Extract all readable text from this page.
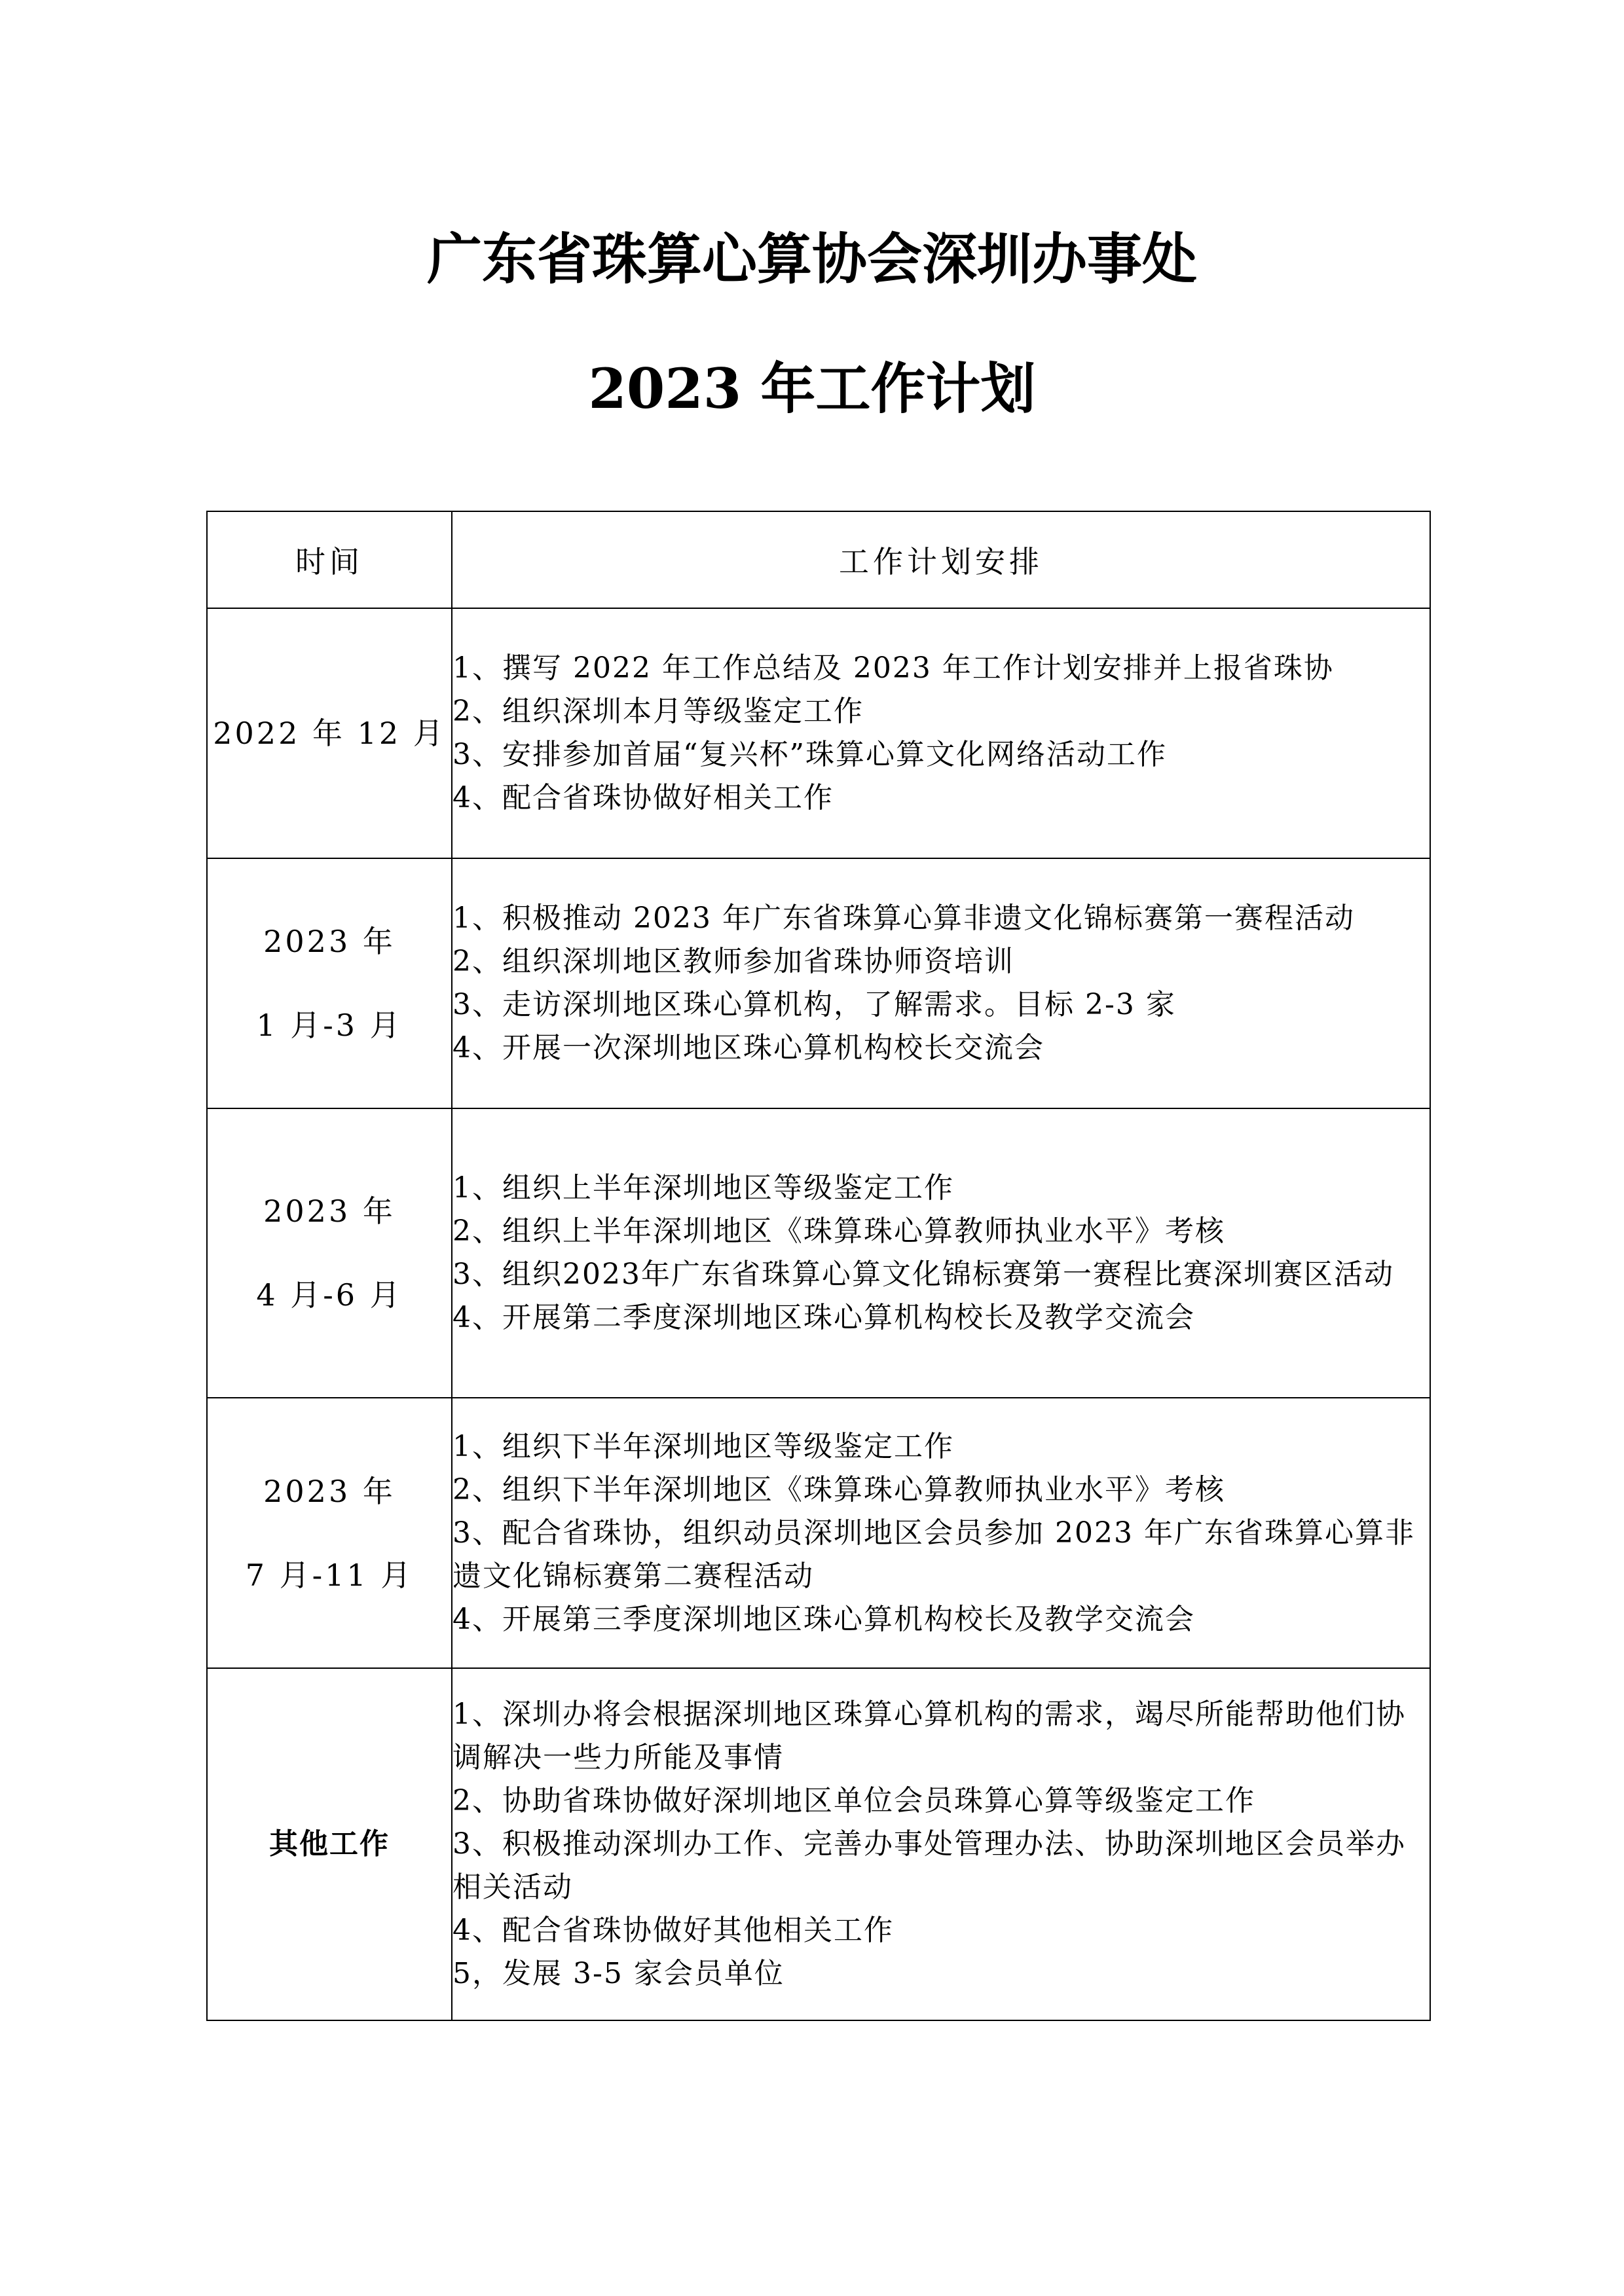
广东省珠算心算协会深圳办事处
2023 年工作计划
时间	工作计划安排

2022 年 12 月	1、撰写 2022 年工作总结及 2023 年工作计划安排并上报省珠协
2、组织深圳本月等级鉴定工作
3、安排参加首届“复兴杯”珠算心算文化网络活动工作
4、配合省珠协做好相关工作

2023 年
1 月-3 月	1、积极推动 2023 年广东省珠算心算非遗文化锦标赛第一赛程活动
2、组织深圳地区教师参加省珠协师资培训
3、走访深圳地区珠心算机构，了解需求。目标 2-3 家
4、开展一次深圳地区珠心算机构校长交流会

2023 年
4 月-6 月	1、组织上半年深圳地区等级鉴定工作
2、组织上半年深圳地区《珠算珠心算教师执业水平》考核
3、组织2023年广东省珠算心算文化锦标赛第一赛程比赛深圳赛区活动
4、开展第二季度深圳地区珠心算机构校长及教学交流会

2023 年
7 月-11 月	1、组织下半年深圳地区等级鉴定工作
2、组织下半年深圳地区《珠算珠心算教师执业水平》考核
3、配合省珠协，组织动员深圳地区会员参加 2023 年广东省珠算心算非遗文化锦标赛第二赛程活动
4、开展第三季度深圳地区珠心算机构校长及教学交流会

其他工作	1、深圳办将会根据深圳地区珠算心算机构的需求，竭尽所能帮助他们协调解决一些力所能及事情
2、协助省珠协做好深圳地区单位会员珠算心算等级鉴定工作
3、积极推动深圳办工作、完善办事处管理办法、协助深圳地区会员举办相关活动
4、配合省珠协做好其他相关工作
5，发展 3-5 家会员单位
